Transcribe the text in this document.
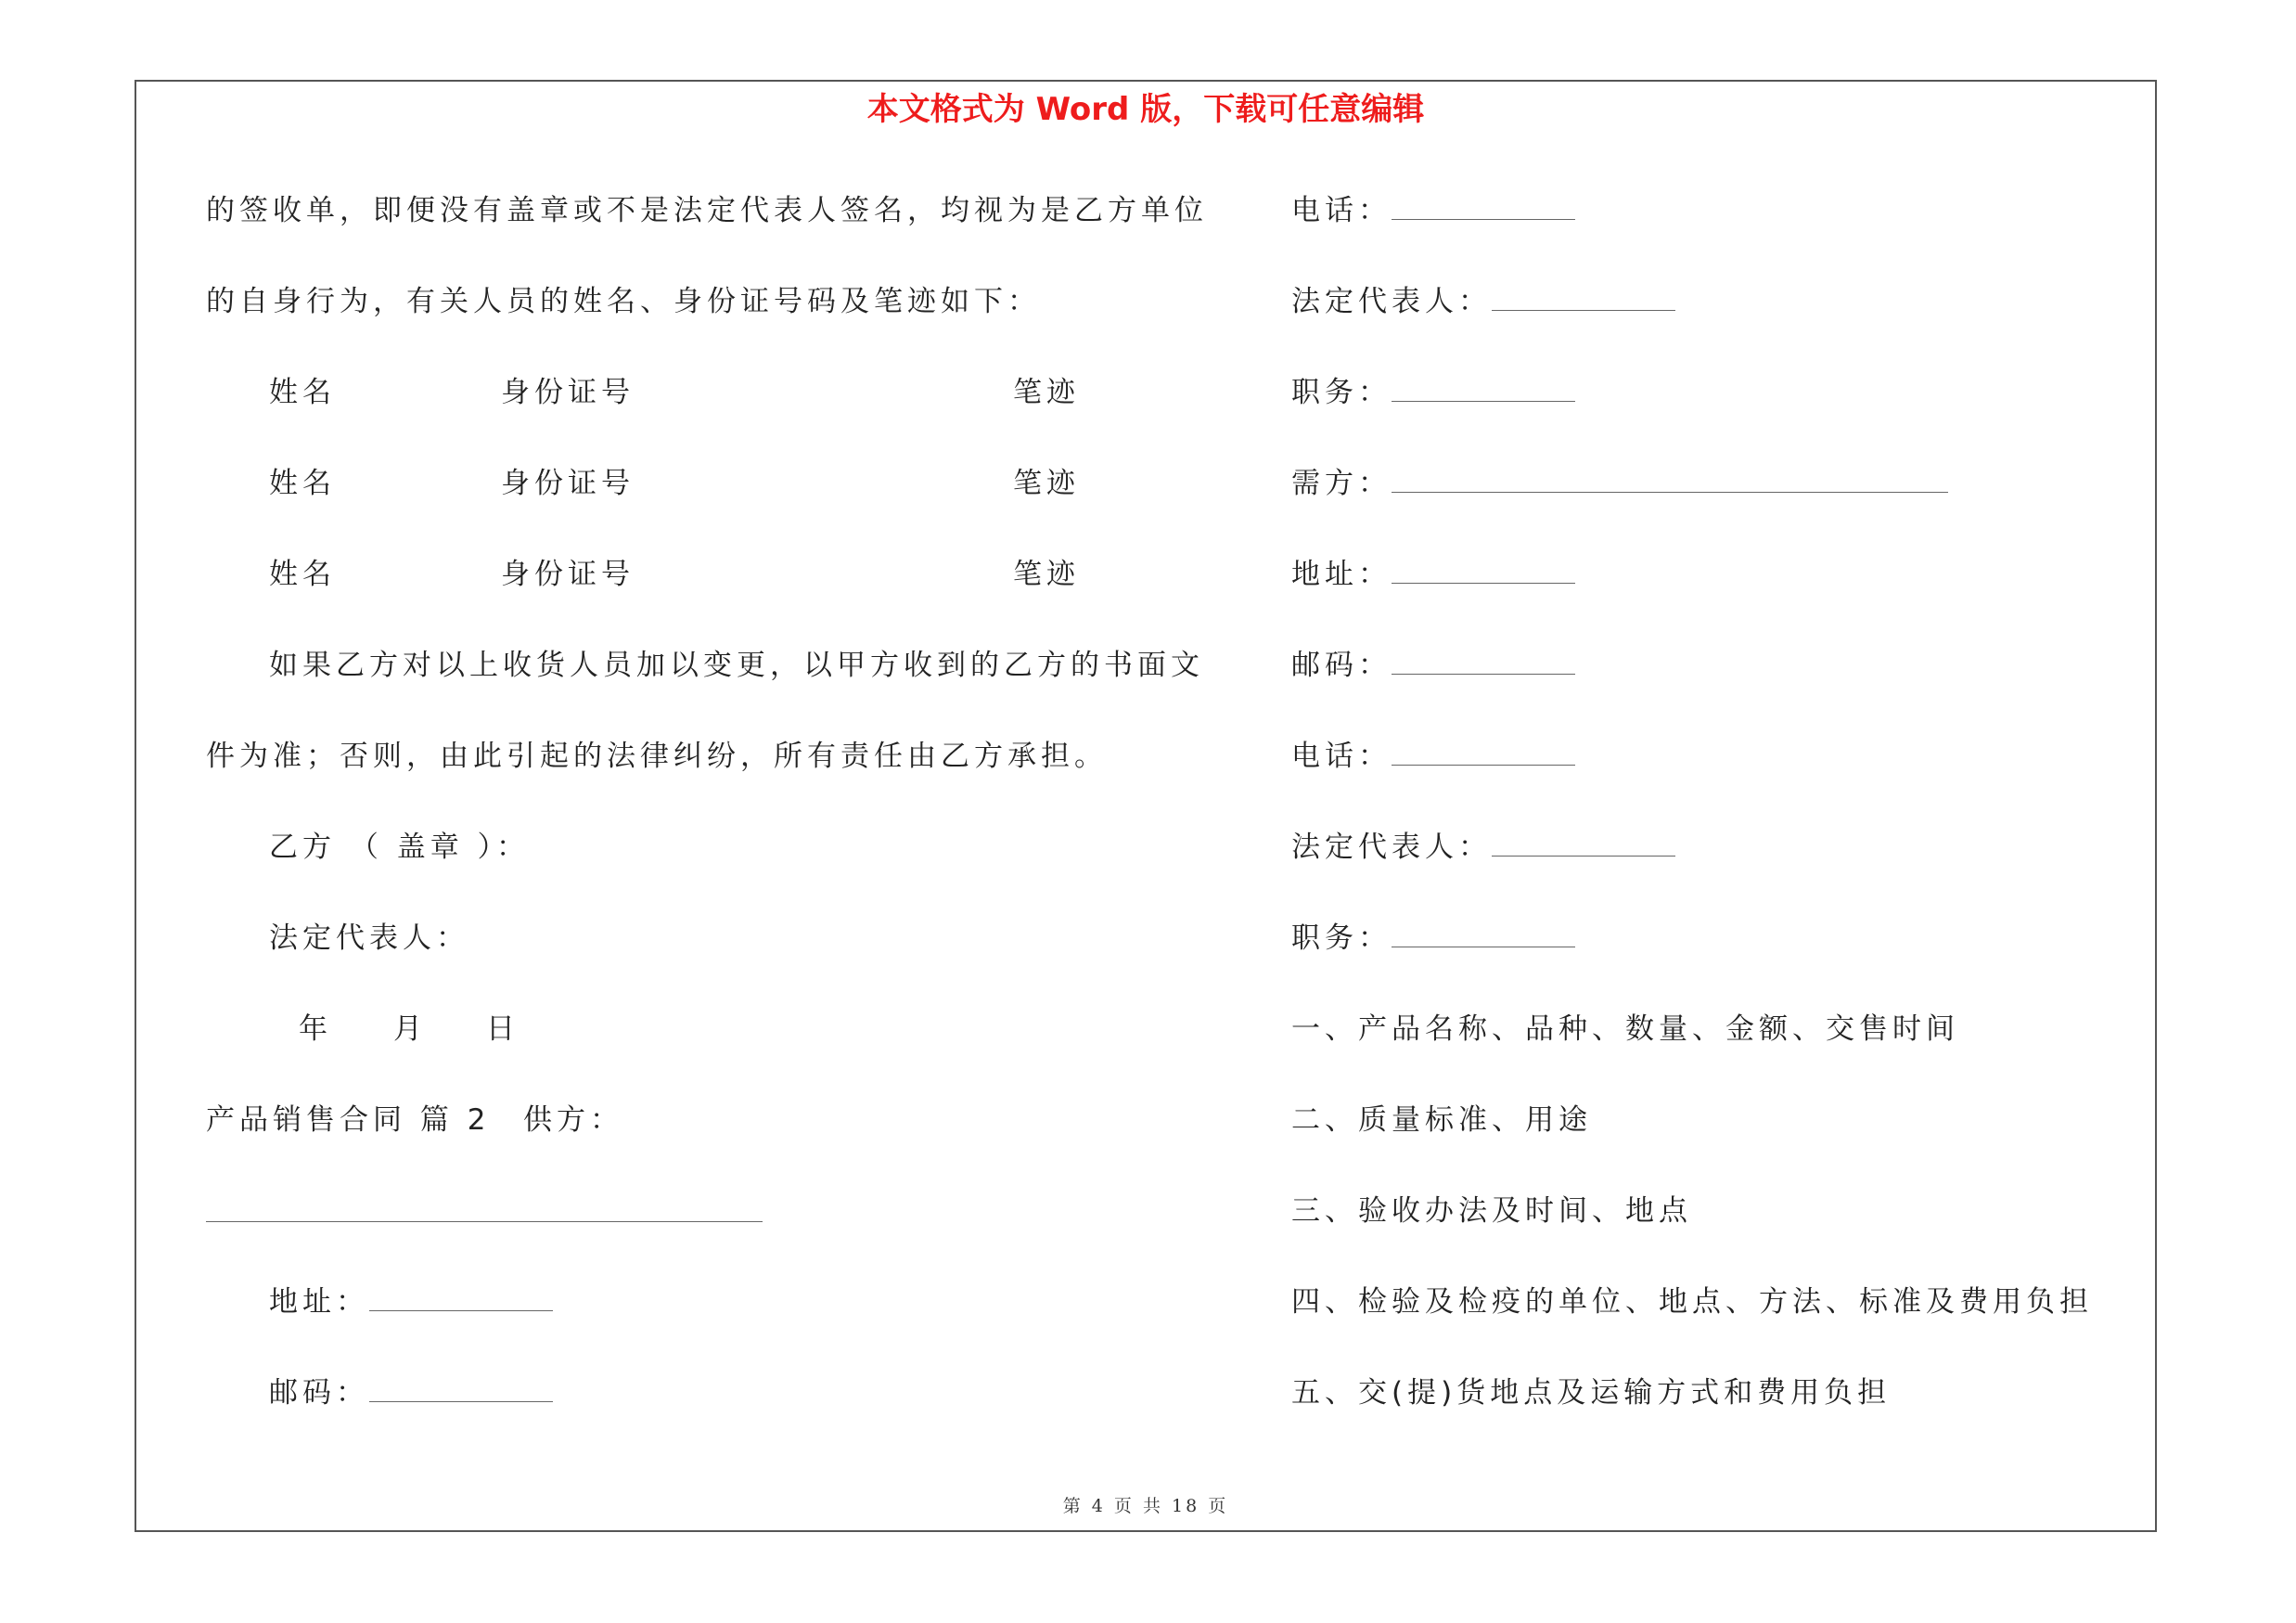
本文格式为 Word 版，下载可任意编辑
的签收单，即便没有盖章或不是法定代表人签名，均视为是乙方单位
的自身行为，有关人员的姓名、身份证号码及笔迹如下：
姓名	身份证号	笔迹
姓名	身份证号	笔迹
姓名	身份证号	笔迹
如果乙方对以上收货人员加以变更，以甲方收到的乙方的书面文
件为准；否则，由此引起的法律纠纷，所有责任由乙方承担。
乙方 （ 盖章 ）：
法定代表人：
年 月 日
产品销售合同 篇 2 供方：
地址：
邮码：
电话：
法定代表人：
职务：
需方：
地址：
邮码：
电话：
法定代表人：
职务：
一、产品名称、品种、数量、金额、交售时间
二、质量标准、用途
三、验收办法及时间、地点
四、检验及检疫的单位、地点、方法、标准及费用负担
五、交(提)货地点及运输方式和费用负担
第 4 页 共 18 页
